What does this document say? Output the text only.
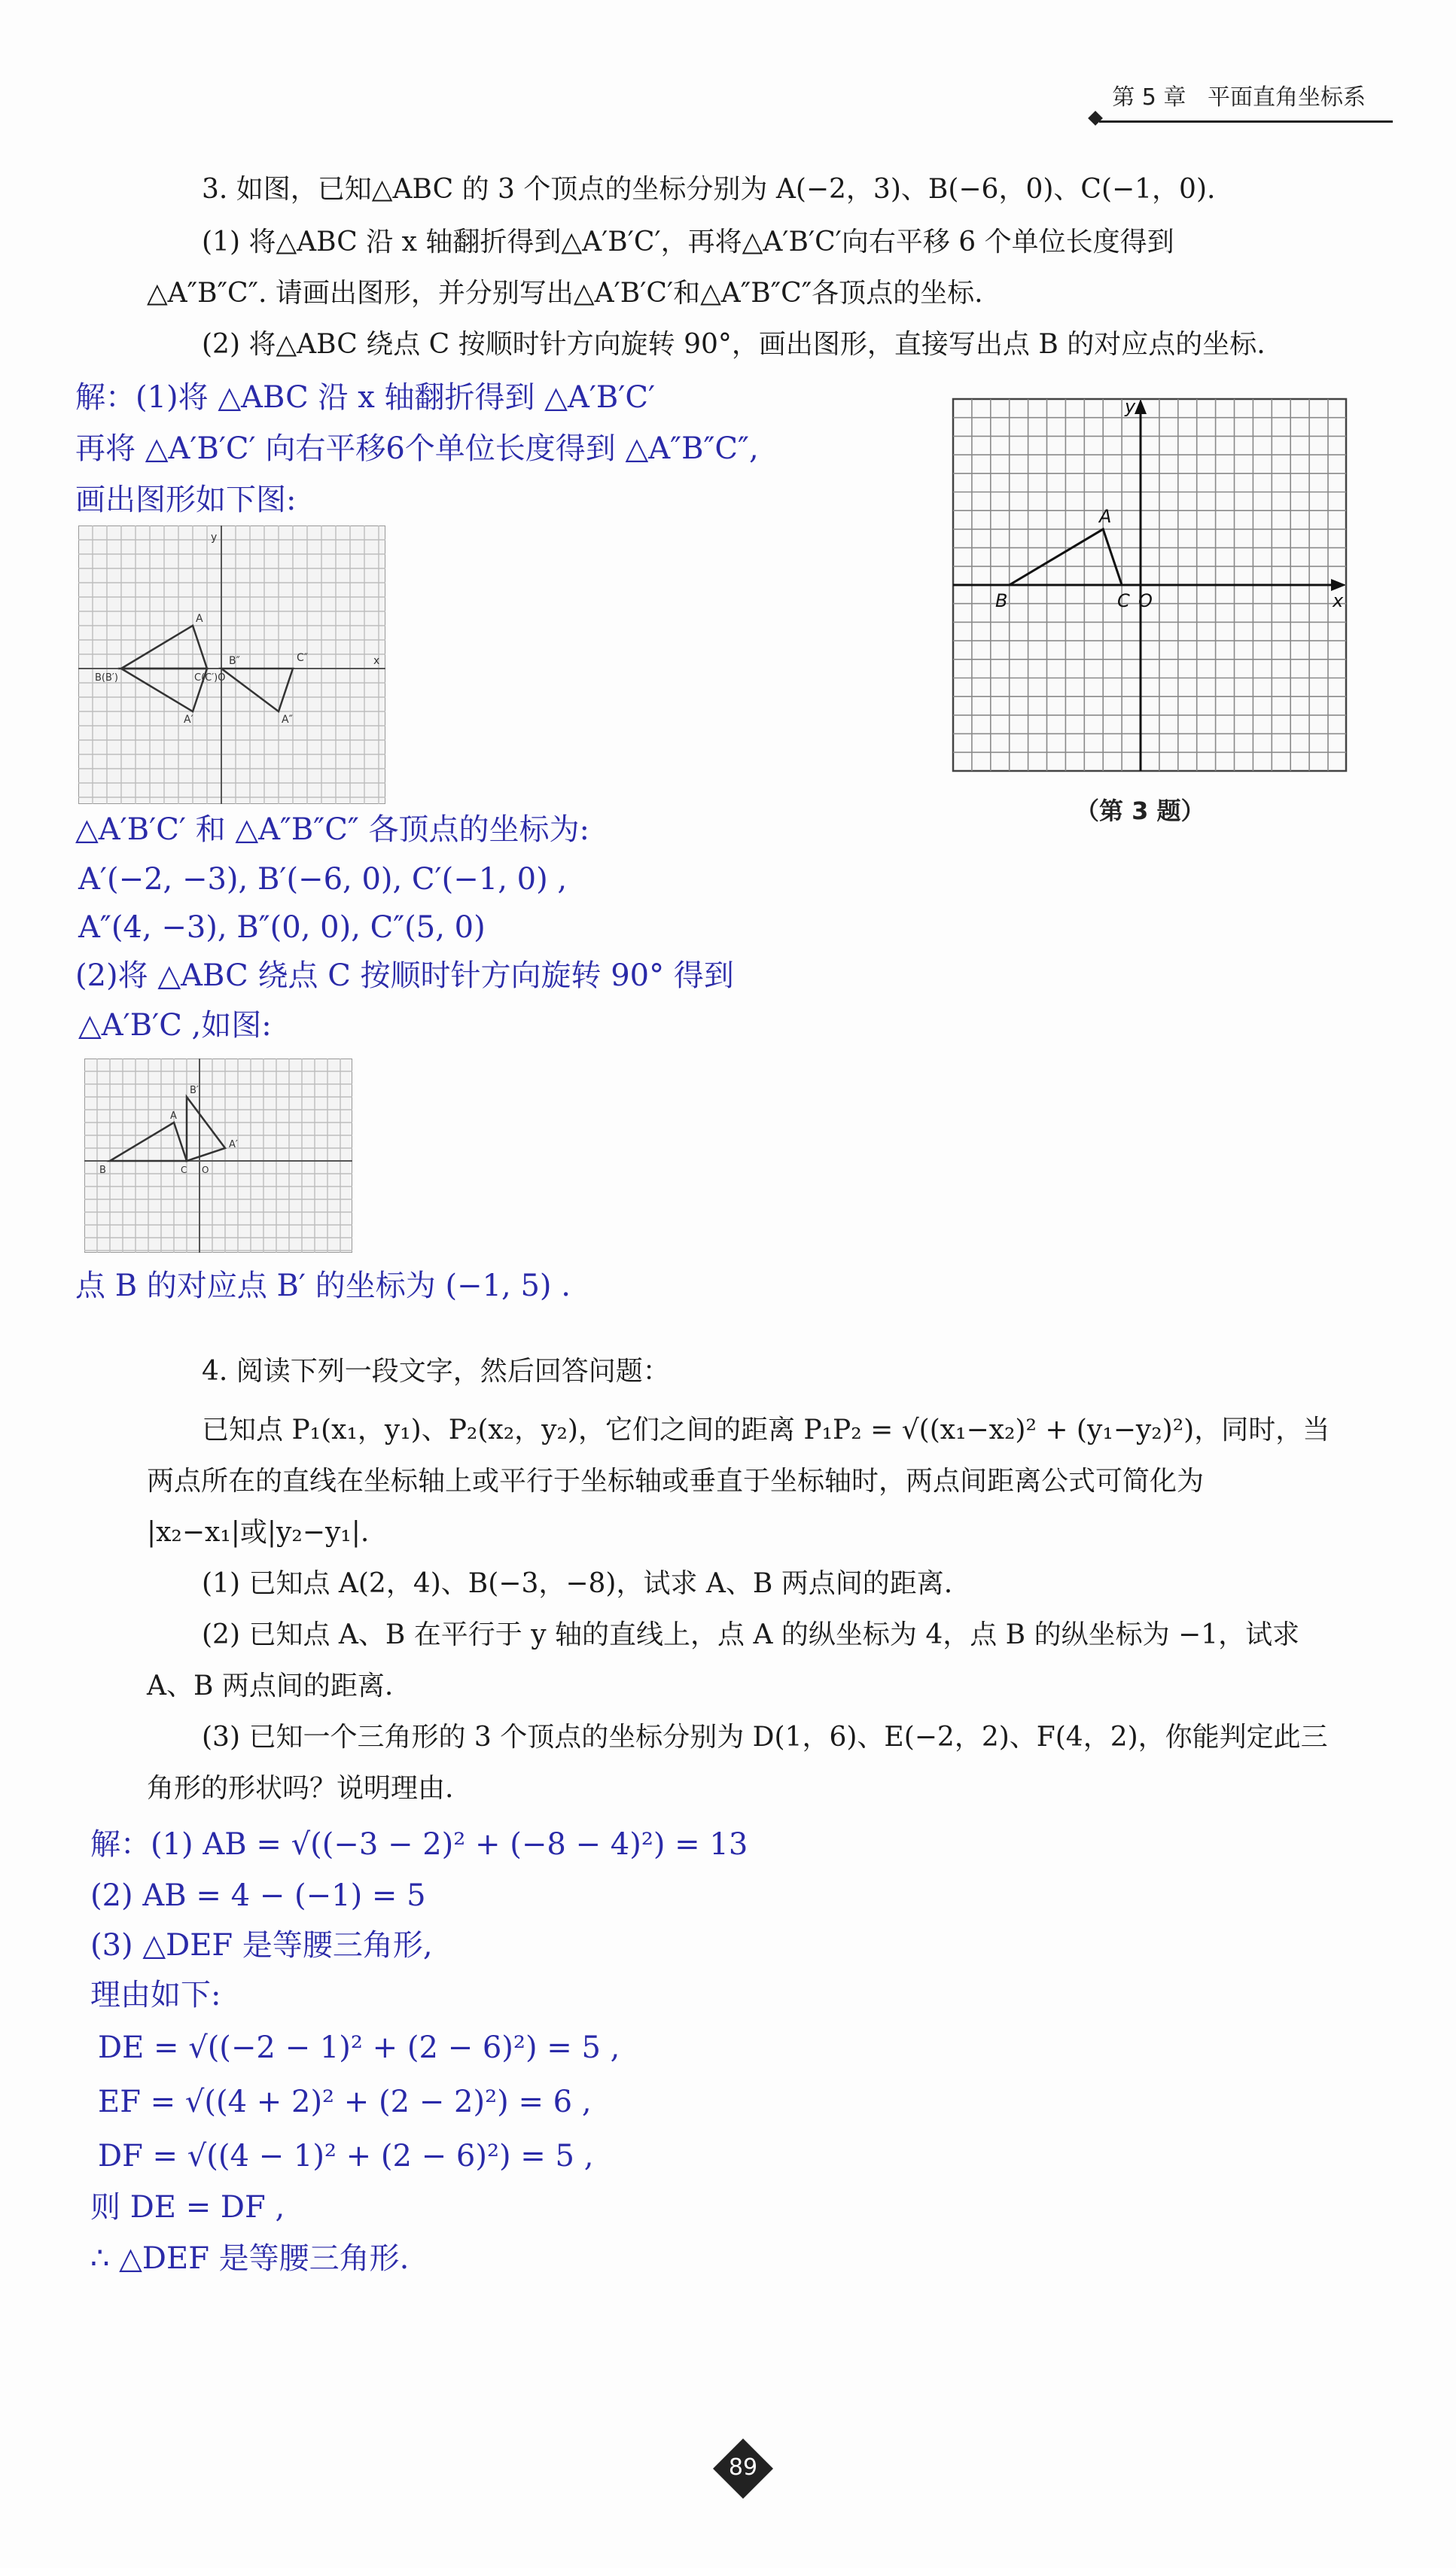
第 5 章 平面直角坐标系
3. 如图，已知△ABC 的 3 个顶点的坐标分别为 A(−2，3)、B(−6，0)、C(−1，0).
(1) 将△ABC 沿 x 轴翻折得到△A′B′C′，再将△A′B′C′向右平移 6 个单位长度得到
△A″B″C″. 请画出图形，并分别写出△A′B′C′和△A″B″C″各顶点的坐标.
(2) 将△ABC 绕点 C 按顺时针方向旋转 90°，画出图形，直接写出点 B 的对应点的坐标.
解：(1)将 △ABC 沿 x 轴翻折得到 △A′B′C′
再将 △A′B′C′ 向右平移6个单位长度得到 △A″B″C″,
画出图形如下图:
y
A
B″	C″
C(C′)O
B(B′)
A′	A″
x
△A′B′C′ 和 △A″B″C″ 各顶点的坐标为:
A′(−2, −3), B′(−6, 0), C′(−1, 0) ,
A″(4, −3), B″(0, 0), C″(5, 0)
(2)将 △ABC 绕点 C 按顺时针方向旋转 90° 得到
△A′B′C ,如图:
B′
A
A′
B	C O
点 B 的对应点 B′ 的坐标为 (−1, 5) .
y
x
A
B	C O
（第 3 题）
4. 阅读下列一段文字，然后回答问题：
已知点 P₁(x₁，y₁)、P₂(x₂，y₂)，它们之间的距离 P₁P₂ = √((x₁−x₂)² + (y₁−y₂)²)，同时，当
两点所在的直线在坐标轴上或平行于坐标轴或垂直于坐标轴时，两点间距离公式可简化为
|x₂−x₁|或|y₂−y₁|.
(1) 已知点 A(2，4)、B(−3，−8)，试求 A、B 两点间的距离.
(2) 已知点 A、B 在平行于 y 轴的直线上，点 A 的纵坐标为 4，点 B 的纵坐标为 −1，试求
A、B 两点间的距离.
(3) 已知一个三角形的 3 个顶点的坐标分别为 D(1，6)、E(−2，2)、F(4，2)，你能判定此三
角形的形状吗？说明理由.
解：(1) AB = √((−3 − 2)² + (−8 − 4)²) = 13
(2) AB = 4 − (−1) = 5
(3) △DEF 是等腰三角形,
理由如下:
DE = √((−2 − 1)² + (2 − 6)²) = 5 ,
EF = √((4 + 2)² + (2 − 2)²) = 6 ,
DF = √((4 − 1)² + (2 − 6)²) = 5 ,
则 DE = DF ,
∴ △DEF 是等腰三角形.
89
